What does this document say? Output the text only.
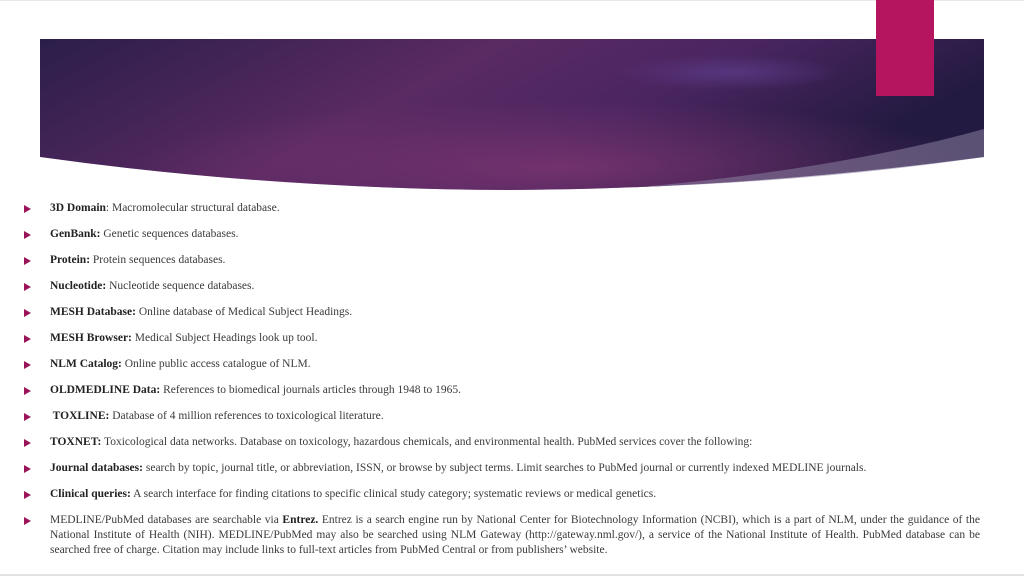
3D Domain: Macromolecular structural database.
GenBank: Genetic sequences databases.
Protein: Protein sequences databases.
Nucleotide: Nucleotide sequence databases.
MESH Database: Online database of Medical Subject Headings.
MESH Browser: Medical Subject Headings look up tool.
NLM Catalog: Online public access catalogue of NLM.
OLDMEDLINE Data: References to biomedical journals articles through 1948 to 1965.
TOXLINE: Database of 4 million references to toxicological literature.
TOXNET: Toxicological data networks. Database on toxicology, hazardous chemicals, and environmental health. PubMed services cover the following:
Journal databases: search by topic, journal title, or abbreviation, ISSN, or browse by subject terms. Limit searches to PubMed journal or currently indexed MEDLINE journals.
Clinical queries: A search interface for finding citations to specific clinical study category; systematic reviews or medical genetics.
MEDLINE/PubMed databases are searchable via Entrez. Entrez is a search engine run by National Center for Biotechnology Information (NCBI), which is a part of NLM, under the guidance of the National Institute of Health (NIH). MEDLINE/PubMed may also be searched using NLM Gateway (http://gateway.nml.gov/), a service of the National Institute of Health. PubMed database can be searched free of charge. Citation may include links to full-text articles from PubMed Central or from publishers’ website.
